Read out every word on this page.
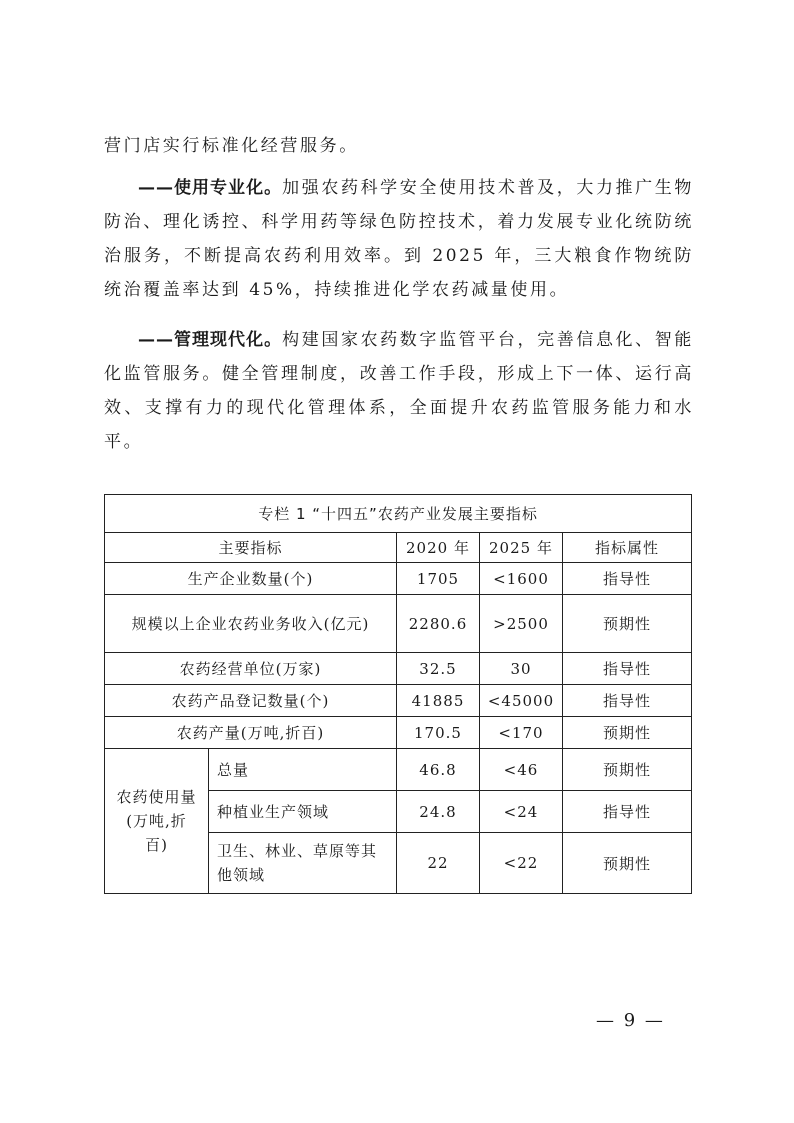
营门店实行标准化经营服务。

——使用专业化。加强农药科学安全使用技术普及，大力推广生物防治、理化诱控、科学用药等绿色防控技术，着力发展专业化统防统治服务，不断提高农药利用效率。到 2025 年，三大粮食作物统防统治覆盖率达到 45%，持续推进化学农药减量使用。

——管理现代化。构建国家农药数字监管平台，完善信息化、智能化监管服务。健全管理制度，改善工作手段，形成上下一体、运行高效、支撑有力的现代化管理体系，全面提升农药监管服务能力和水平。

专栏 1 “十四五”农药产业发展主要指标				
主要指标		2020 年	2025 年	指标属性
生产企业数量(个)		1705	<1600	指导性
规模以上企业农药业务收入(亿元)		2280.6	>2500	预期性
农药经营单位(万家)		32.5	30	指导性
农药产品登记数量(个)		41885	<45000	指导性
农药产量(万吨,折百)		170.5	<170	预期性
农药使用量(万吨,折百)	总量	46.8	<46	预期性
	种植业生产领域	24.8	<24	指导性
	卫生、林业、草原等其他领域	22	<22	预期性
— 9 —
